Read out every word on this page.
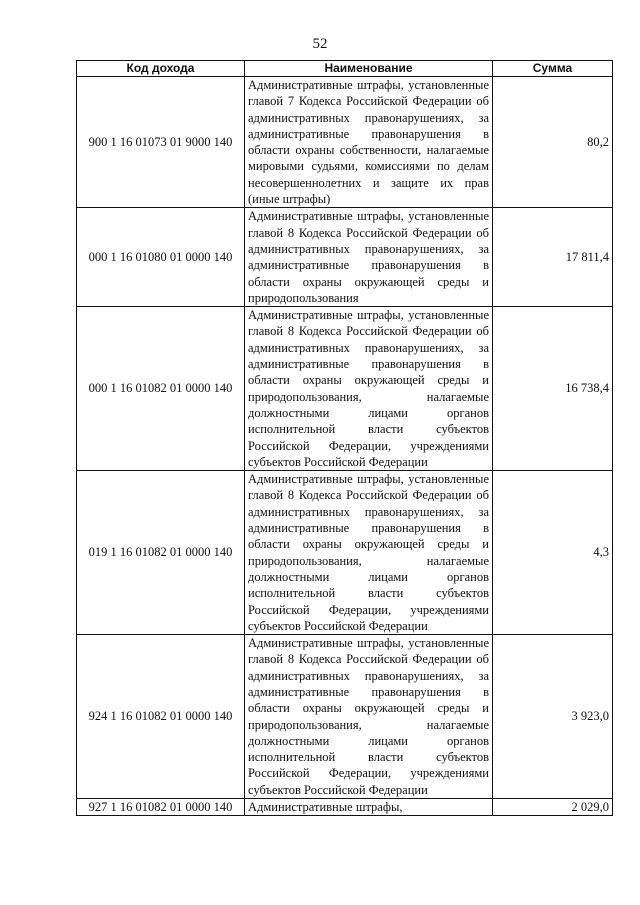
52
Код дохода	Наименование	Сумма
900 1 16 01073 01 9000 140	Административные штрафы, установленные главой 7 Кодекса Российской Федерации об административных правонарушениях, за административные правонарушения в области охраны собственности, налагаемые мировыми судьями, комиссиями по делам несовершеннолетних и защите их прав (иные штрафы)	80,2
000 1 16 01080 01 0000 140	Административные штрафы, установленные главой 8 Кодекса Российской Федерации об административных правонарушениях, за административные правонарушения в области охраны окружающей среды и природопользования	17 811,4
000 1 16 01082 01 0000 140	Административные штрафы, установленные главой 8 Кодекса Российской Федерации об административных правонарушениях, за административные правонарушения в области охраны окружающей среды и природопользования, налагаемые должностными лицами органов исполнительной власти субъектов Российской Федерации, учреждениями субъектов Российской Федерации	16 738,4
019 1 16 01082 01 0000 140	Административные штрафы, установленные главой 8 Кодекса Российской Федерации об административных правонарушениях, за административные правонарушения в области охраны окружающей среды и природопользования, налагаемые должностными лицами органов исполнительной власти субъектов Российской Федерации, учреждениями субъектов Российской Федерации	4,3
924 1 16 01082 01 0000 140	Административные штрафы, установленные главой 8 Кодекса Российской Федерации об административных правонарушениях, за административные правонарушения в области охраны окружающей среды и природопользования, налагаемые должностными лицами органов исполнительной власти субъектов Российской Федерации, учреждениями субъектов Российской Федерации	3 923,0
927 1 16 01082 01 0000 140	Административные штрафы,	2 029,0
